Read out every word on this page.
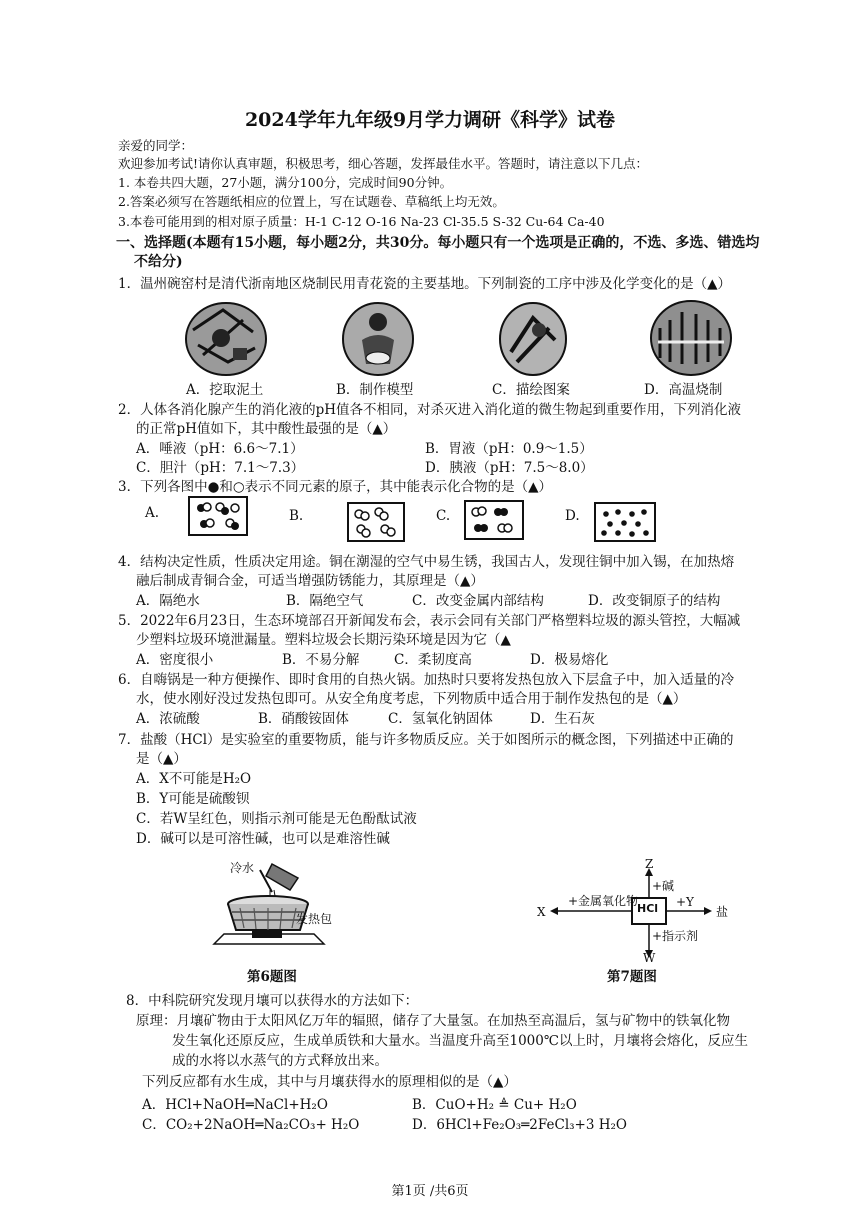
2024学年九年级9月学力调研《科学》试卷
亲爱的同学：
欢迎参加考试!请你认真审题，积极思考，细心答题，发挥最佳水平。答题时，请注意以下几点：
1. 本卷共四大题，27小题，满分100分，完成时间90分钟。
2.答案必须写在答题纸相应的位置上，写在试题卷、草稿纸上均无效。
3.本卷可能用到的相对原子质量：H-1 C-12 O-16 Na-23 Cl-35.5 S-32 Cu-64 Ca-40
一、选择题(本题有15小题，每小题2分，共30分。每小题只有一个选项是正确的，不选、多选、错选均
不给分)
1．温州碗窑村是清代浙南地区烧制民用青花瓷的主要基地。下列制瓷的工序中涉及化学变化的是（▲）
A．挖取泥土	B．制作模型	C．描绘图案	D．高温烧制
2．人体各消化腺产生的消化液的pH值各不相同，对杀灭进入消化道的微生物起到重要作用，下列消化液
的正常pH值如下，其中酸性最强的是（▲）
A．唾液（pH：6.6～7.1）	B．胃液（pH：0.9～1.5）
C．胆汁（pH：7.1～7.3）	D．胰液（pH：7.5～8.0）
3．下列各图中●和○表示不同元素的原子，其中能表示化合物的是（▲）
A.	B.	C.	D.
4．结构决定性质，性质决定用途。铜在潮湿的空气中易生锈，我国古人，发现往铜中加入锡，在加热熔
融后制成青铜合金，可适当增强防锈能力，其原理是（▲）
A．隔绝水	B．隔绝空气	C．改变金属内部结构	D．改变铜原子的结构
5．2022年6月23日，生态环境部召开新闻发布会，表示会同有关部门严格塑料垃圾的源头管控，大幅减
少塑料垃圾环境泄漏量。塑料垃圾会长期污染环境是因为它（▲
A．密度很小	B．不易分解	C．柔韧度高	D．极易熔化
6．自嗨锅是一种方便操作、即时食用的自热火锅。加热时只要将发热包放入下层盒子中，加入适量的冷
水，使水刚好没过发热包即可。从安全角度考虑，下列物质中适合用于制作发热包的是（▲）
A．浓硫酸	B．硝酸铵固体	C．氢氧化钠固体	D．生石灰
7．盐酸（HCl）是实验室的重要物质，能与许多物质反应。关于如图所示的概念图，下列描述中正确的
是（▲）
A．X不可能是H₂O
B．Y可能是硫酸钡
C．若W呈红色，则指示剂可能是无色酚酞试液
D．碱可以是可溶性碱，也可以是难溶性碱
冷水
发热包
第6题图
HCl
Z
+碱
+金属氧化物
X
+Y
盐
+指示剂
W
第7题图
8．中科院研究发现月壤可以获得水的方法如下：
原理：月壤矿物由于太阳风亿万年的辐照，储存了大量氢。在加热至高温后，氢与矿物中的铁氧化物
发生氧化还原反应，生成单质铁和大量水。当温度升高至1000℃以上时，月壤将会熔化，反应生
成的水将以水蒸气的方式释放出来。
下列反应都有水生成，其中与月壤获得水的原理相似的是（▲）
A．HCl+NaOH═NaCl+H₂O	B．CuO+H₂ ≜ Cu+ H₂O
C．CO₂+2NaOH═Na₂CO₃+ H₂O	D．6HCl+Fe₂O₃═2FeCl₃+3 H₂O
第1页 /共6页
